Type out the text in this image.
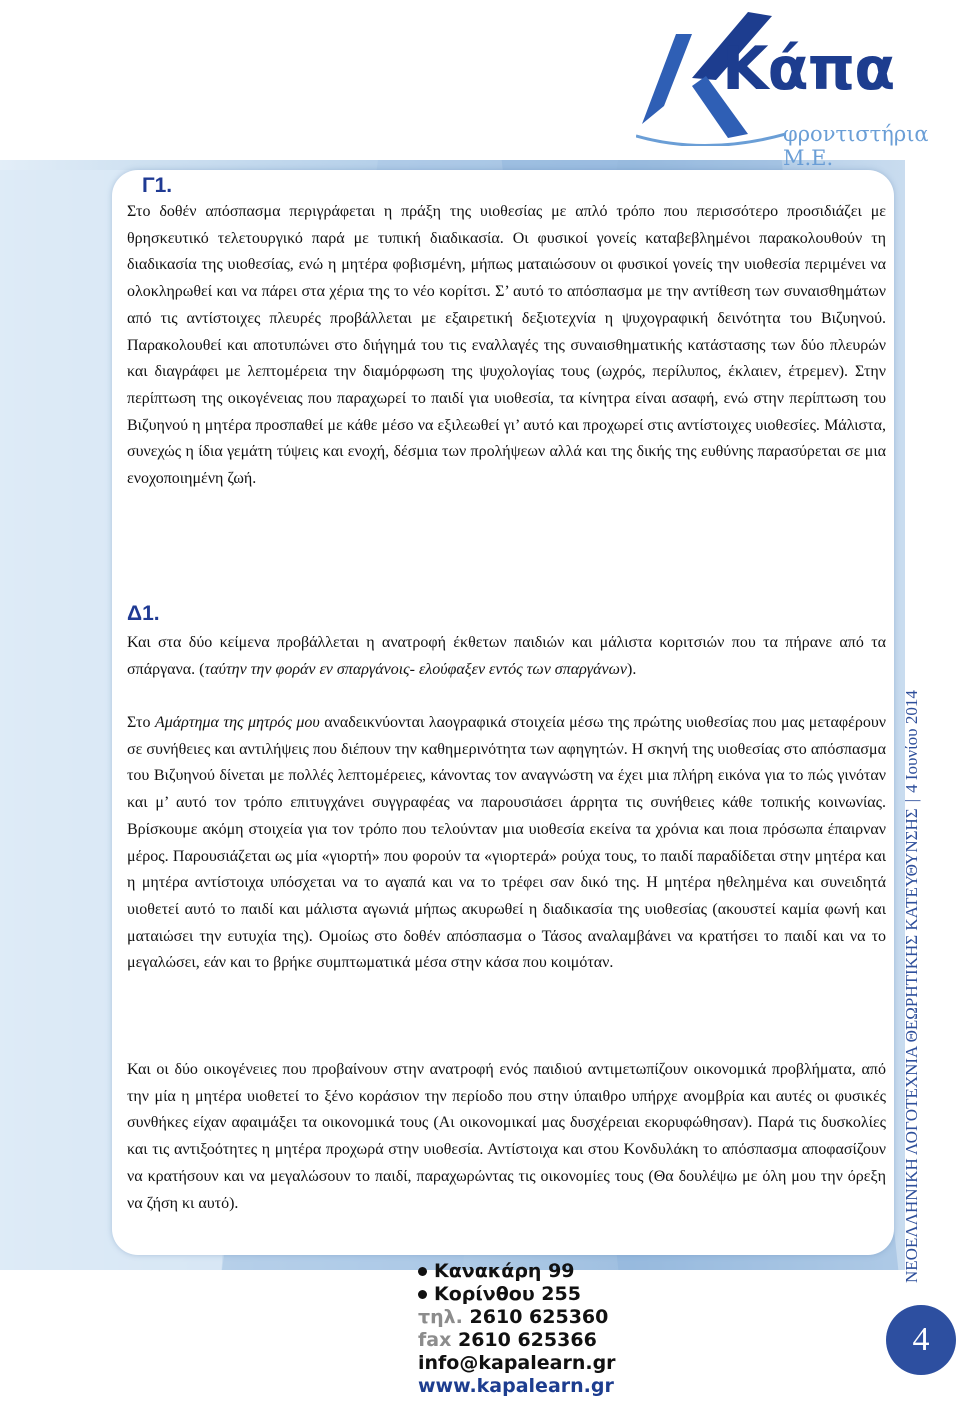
Κάπα
φροντιστήρια Μ.Ε.
Γ1.

Στο δοθέν απόσπασμα περιγράφεται η πράξη της υιοθεσίας με απλό τρόπο που περισσότερο προσιδιάζει με θρησκευτικό τελετουργικό παρά με τυπική διαδικασία. Οι φυσικοί γονείς καταβεβλημένοι παρακολουθούν τη διαδικασία της υιοθεσίας, ενώ η μητέρα φοβισμένη, μήπως ματαιώσουν οι φυσικοί γονείς την υιοθεσία περιμένει να ολοκληρωθεί και να πάρει στα χέρια της το νέο κορίτσι. Σ’ αυτό το απόσπασμα με την αντίθεση των συναισθημάτων από τις αντίστοιχες πλευρές προβάλλεται με εξαιρετική δεξιοτεχνία η ψυχογραφική δεινότητα του Βιζυηνού. Παρακολουθεί και αποτυπώνει στο διήγημά του τις εναλλαγές της συναισθηματικής κατάστασης των δύο πλευρών και διαγράφει με λεπτομέρεια την διαμόρφωση της ψυχολογίας τους (ωχρός, περίλυπος, έκλαιεν, έτρεμεν). Στην περίπτωση της οικογένειας που παραχωρεί το παιδί για υιοθεσία, τα κίνητρα είναι ασαφή, ενώ στην περίπτωση του Βιζυηνού η μητέρα προσπαθεί με κάθε μέσο να εξιλεωθεί γι’ αυτό και προχωρεί στις αντίστοιχες υιοθεσίες. Μάλιστα, συνεχώς η ίδια γεμάτη τύψεις και ενοχή, δέσμια των προλήψεων αλλά και της δικής της ευθύνης παρασύρεται σε μια ενοχοποιημένη ζωή.

Δ1.

Και στα δύο κείμενα προβάλλεται η ανατροφή έκθετων παιδιών και μάλιστα κοριτσιών που τα πήρανε από τα σπάργανα. (ταύτην την φοράν εν σπαργάνοις- ελούφαξεν εντός των σπαργάνων).

Στο Αμάρτημα της μητρός μου αναδεικνύονται λαογραφικά στοιχεία μέσω της πρώτης υιοθεσίας που μας μεταφέρουν σε συνήθειες και αντιλήψεις που διέπουν την καθημερινότητα των αφηγητών. Η σκηνή της υιοθεσίας στο απόσπασμα του Βιζυηνού δίνεται με πολλές λεπτομέρειες, κάνοντας τον αναγνώστη να έχει μια πλήρη εικόνα για το πώς γινόταν και μ’ αυτό τον τρόπο επιτυγχάνει συγγραφέας να παρουσιάσει άρρητα τις συνήθειες κάθε τοπικής κοινωνίας. Βρίσκουμε ακόμη στοιχεία για τον τρόπο που τελούνταν μια υιοθεσία εκείνα τα χρόνια και ποια πρόσωπα έπαιρναν μέρος. Παρουσιάζεται ως μία «γιορτή» που φορούν τα «γιορτερά» ρούχα τους, το παιδί παραδίδεται στην μητέρα και η μητέρα αντίστοιχα υπόσχεται να το αγαπά και να το τρέφει σαν δικό της. Η μητέρα ηθελημένα και συνειδητά υιοθετεί αυτό το παιδί και μάλιστα αγωνιά μήπως ακυρωθεί η διαδικασία της υιοθεσίας (ακουστεί καμία φωνή και ματαιώσει την ευτυχία της). Ομοίως στο δοθέν απόσπασμα ο Τάσος αναλαμβάνει να κρατήσει το παιδί και να το μεγαλώσει, εάν και το βρήκε συμπτωματικά μέσα στην κάσα που κοιμόταν.

Και οι δύο οικογένειες που προβαίνουν στην ανατροφή ενός παιδιού αντιμετωπίζουν οικονομικά προβλήματα, από την μία η μητέρα υιοθετεί το ξένο κοράσιον την περίοδο που στην ύπαιθρο υπήρχε ανομβρία και αυτές οι φυσικές συνθήκες είχαν αφαιμάξει τα οικονομικά τους (Αι οικονομικαί μας δυσχέρειαι εκορυφώθησαν). Παρά τις δυσκολίες και τις αντιξοότητες η μητέρα προχωρά στην υιοθεσία. Αντίστοιχα και στου Κονδυλάκη το απόσπασμα αποφασίζουν να κρατήσουν και να μεγαλώσουν το παιδί, παραχωρώντας τις οικονομίες τους (Θα δουλέψω με όλη μου την όρεξη να ζήση κι αυτό).

Κανακάρη 99
Κορίνθου 255
τηλ. 2610 625360
fax 2610 625366
info@kapalearn.gr
www.kapalearn.gr
ΝΕΟΕΛΛΗΝΙΚΗ ΛΟΓΟΤΕΧΝΙΑ ΘΕΩΡΗΤΙΚΗΣ ΚΑΤΕΥΘΥΝΣΗΣ|4 Ιουνίου 2014
4
